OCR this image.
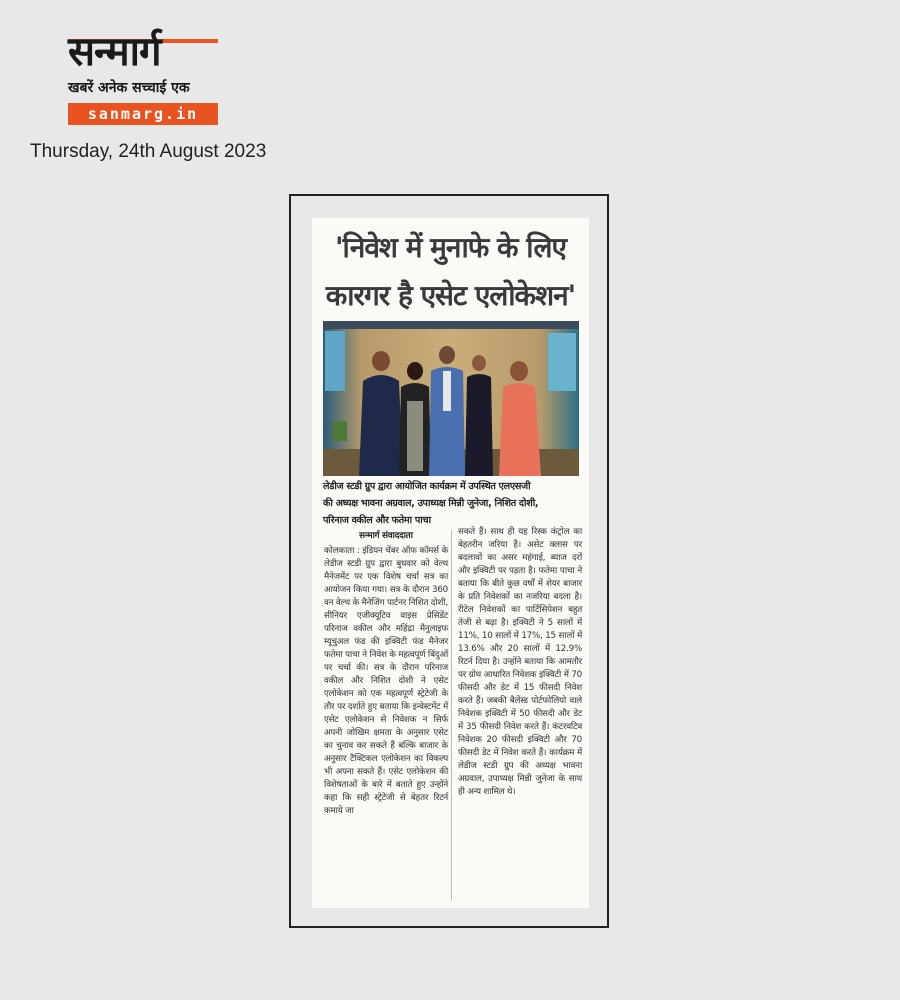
सन्मार्ग
खबरें अनेक सच्चाई एक
sanmarg.in
Thursday, 24th August 2023
'निवेश में मुनाफे के लिए
कारगर है एसेट एलोकेशन'
लेडीज स्टडी ग्रुप द्वारा आयोजित कार्यक्रम में उपस्थित एलएसजी
की अध्यक्ष भावना अग्रवाल, उपाध्यक्ष मिन्नी जुनेजा, निशित दोशी,
परिनाज वकील और फतेमा पाचा
सन्मार्ग संवाददाता

कोलकाता : इंडियन चेंबर ऑफ कॉमर्स के लेडीज स्टडी ग्रुप द्वारा बुधवार को वेल्थ मैनेजमेंट पर एक विशेष चर्चा सत्र का आयोजन किया गया। सत्र के दौरान 360 वन वेल्थ के मैनेजिंग पार्टनर निशित दोशी, सीनियर एजीक्यूटिव वाइस प्रेसिडेंट परिनाज वकील और महिंद्रा मैनुलाइफ म्यूचुअल फंड की इक्विटी फंड मैनेजर फतेमा पाचा ने निवेश के महत्वपूर्ण बिंदुओं पर चर्चा की। सत्र के दौरान परिनाज वकील और निशित दोशी ने एसेट एलोकेशन को एक महत्वपूर्ण स्ट्रेटेजी के तौर पर दर्शाते हुए बताया कि इन्वेस्टमेंट में एसेट एलोकेशन से निवेशक न सिर्फ अपनी जोखिम क्षमता के अनुसार एसेट का चुनाव कर सकते हैं बल्कि बाजार के अनुसार टैक्टिकल एलोकेशन का विकल्प भी अपना सकते हैं। एसेट एलोकेशन की विशेषताओं के बारे में बताते हुए उन्होंने कहा कि सही स्ट्रेटेजी से बेहतर रिटर्न कमाये जा

सकते हैं। साथ ही यह रिस्क कंट्रोल का बेहतरीन जरिया है। असेट क्लास पर बदलावों का असर महंगाई, ब्याज दरों और इक्विटी पर पड़ता है। फतेमा पाचा ने बताया कि बीते कुछ वर्षों में शेयर बाजार के प्रति निवेशकों का नजरिया बदला है। रीटेल निवेशकों का पार्टिसिपेशन बहुत तेजी से बढ़ा है। इक्विटी ने 5 सालों में 11%, 10 सालों में 17%, 15 सालों में 13.6% और 20 सालों में 12.9% रिटर्न दिया है। उन्होंने बताया कि आमतौर पर ग्रोथ आधारित निवेशक इक्विटी में 70 फीसदी और डेट में 15 फीसदी निवेश करते हैं। जबकी बैलेंस्ड पोर्टफोलियो वाले निवेशक इक्विटी में 50 फीसदी और डेट में 35 फीसदी निवेश करते हैं। कंटरवटिव निवेशक 20 फीसदी इक्विटी और 70 फीसदी डेट में निवेश करते हैं। कार्यक्रम में लेडीज स्टडी ग्रुप की अध्यक्ष भावना अग्रवाल, उपाध्यक्ष मिन्नी जुनेजा के साथ ही अन्य शामिल थे।
